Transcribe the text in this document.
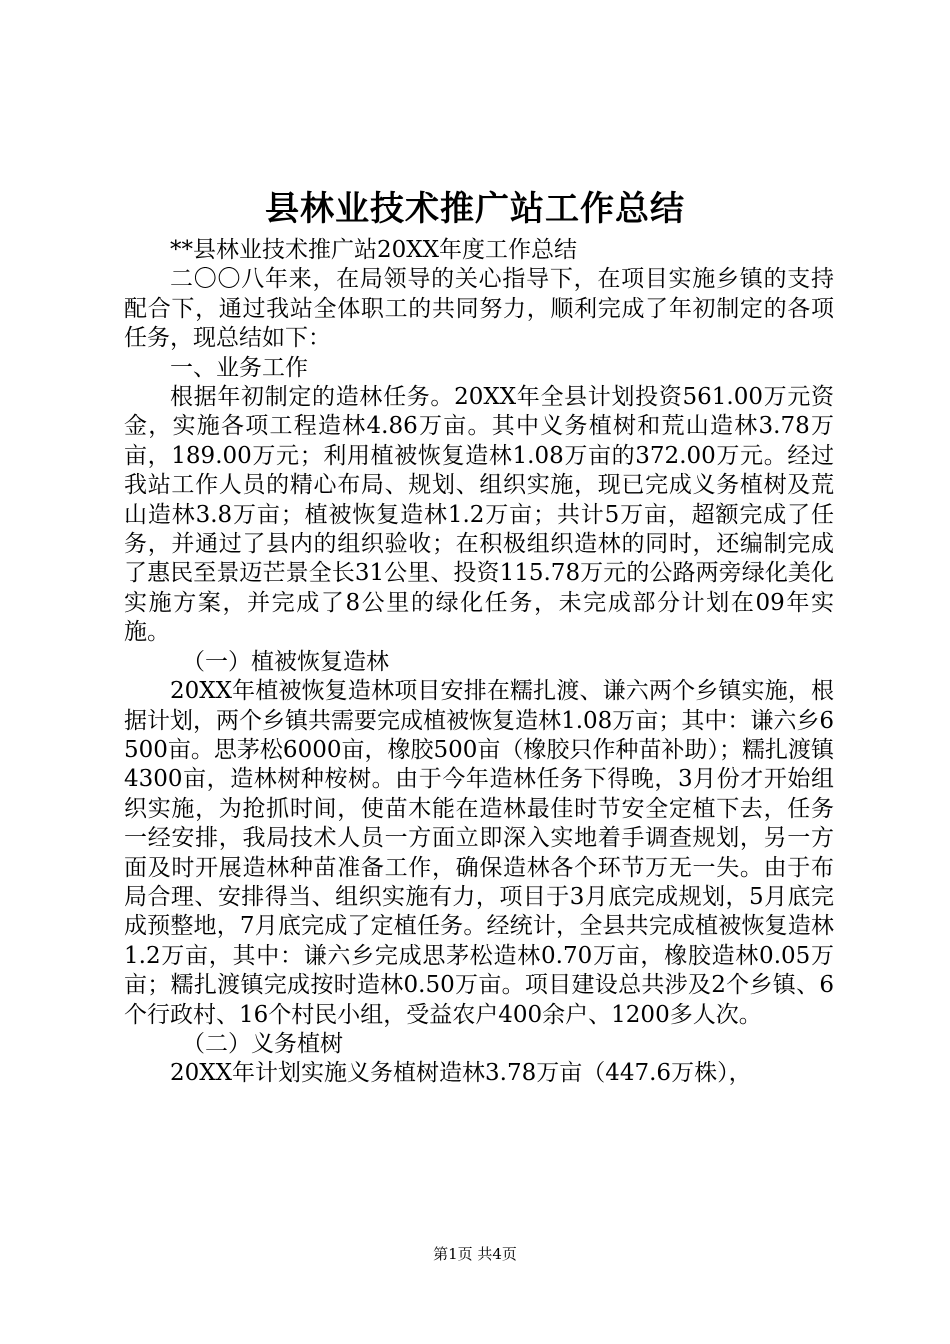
县林业技术推广站工作总结

**县林业技术推广站20XX年度工作总结

二〇〇八年来，在局领导的关心指导下，在项目实施乡镇的支持配合下，通过我站全体职工的共同努力，顺利完成了年初制定的各项任务，现总结如下：

一、业务工作

根据年初制定的造林任务。20XX年全县计划投资561.00万元资金，实施各项工程造林4.86万亩。其中义务植树和荒山造林3.78万亩，189.00万元；利用植被恢复造林1.08万亩的372.00万元。经过我站工作人员的精心布局、规划、组织实施，现已完成义务植树及荒山造林3.8万亩；植被恢复造林1.2万亩；共计5万亩，超额完成了任务，并通过了县内的组织验收；在积极组织造林的同时，还编制完成了惠民至景迈芒景全长31公里、投资115.78万元的公路两旁绿化美化实施方案，并完成了8公里的绿化任务，未完成部分计划在09年实施。

（一）植被恢复造林

20XX年植被恢复造林项目安排在糯扎渡、谦六两个乡镇实施，根据计划，两个乡镇共需要完成植被恢复造林1.08万亩；其中：谦六乡6500亩。思茅松6000亩，橡胶500亩（橡胶只作种苗补助）；糯扎渡镇4300亩，造林树种桉树。由于今年造林任务下得晚，3月份才开始组织实施，为抢抓时间，使苗木能在造林最佳时节安全定植下去，任务一经安排，我局技术人员一方面立即深入实地着手调查规划，另一方面及时开展造林种苗准备工作，确保造林各个环节万无一失。由于布局合理、安排得当、组织实施有力，项目于3月底完成规划，5月底完成预整地，7月底完成了定植任务。经统计，全县共完成植被恢复造林1.2万亩，其中：谦六乡完成思茅松造林0.70万亩，橡胶造林0.05万亩；糯扎渡镇完成按时造林0.50万亩。项目建设总共涉及2个乡镇、6个行政村、16个村民小组，受益农户400余户、1200多人次。

（二）义务植树

20XX年计划实施义务植树造林3.78万亩（447.6万株），

第1页 共4页
